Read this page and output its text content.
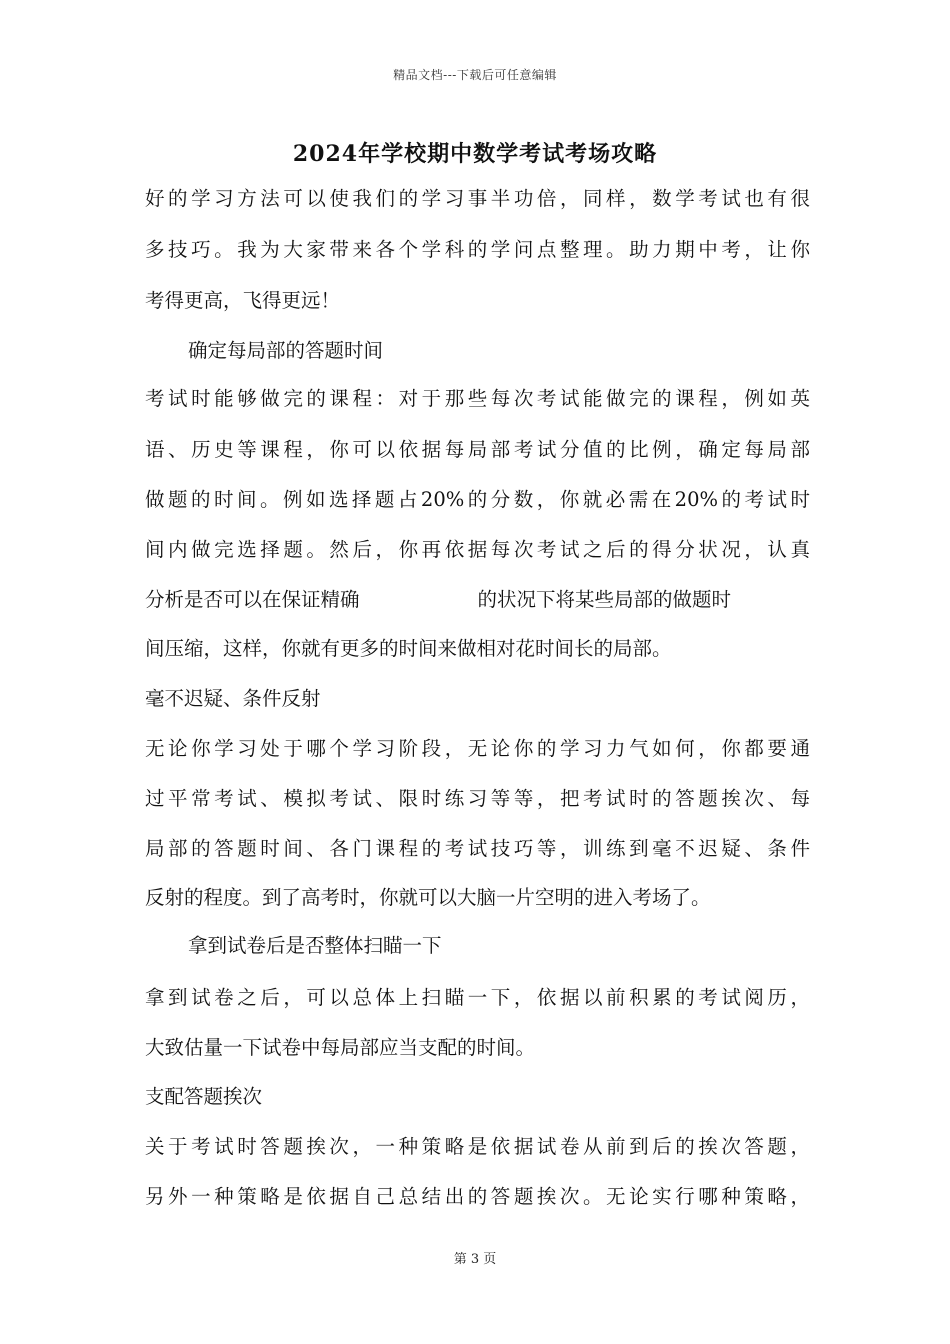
精品文档---下载后可任意编辑
2024年学校期中数学考试考场攻略
好的学习方法可以使我们的学习事半功倍，同样，数学考试也有很
多技巧。我为大家带来各个学科的学问点整理。助力期中考，让你
考得更高，飞得更远！
确定每局部的答题时间
考试时能够做完的课程：对于那些每次考试能做完的课程，例如英
语、历史等课程，你可以依据每局部考试分值的比例，确定每局部
做题的时间。例如选择题占20%的分数，你就必需在20%的考试时
间内做完选择题。然后，你再依据每次考试之后的得分状况，认真
分析是否可以在保证精确	的状况下将某些局部的做题时
间压缩，这样，你就有更多的时间来做相对花时间长的局部。
毫不迟疑、条件反射
无论你学习处于哪个学习阶段，无论你的学习力气如何，你都要通
过平常考试、模拟考试、限时练习等等，把考试时的答题挨次、每
局部的答题时间、各门课程的考试技巧等，训练到毫不迟疑、条件
反射的程度。到了高考时，你就可以大脑一片空明的进入考场了。
拿到试卷后是否整体扫瞄一下
拿到试卷之后，可以总体上扫瞄一下，依据以前积累的考试阅历，
大致估量一下试卷中每局部应当支配的时间。
支配答题挨次
关于考试时答题挨次，一种策略是依据试卷从前到后的挨次答题，
另外一种策略是依据自己总结出的答题挨次。无论实行哪种策略，
第 3 页
